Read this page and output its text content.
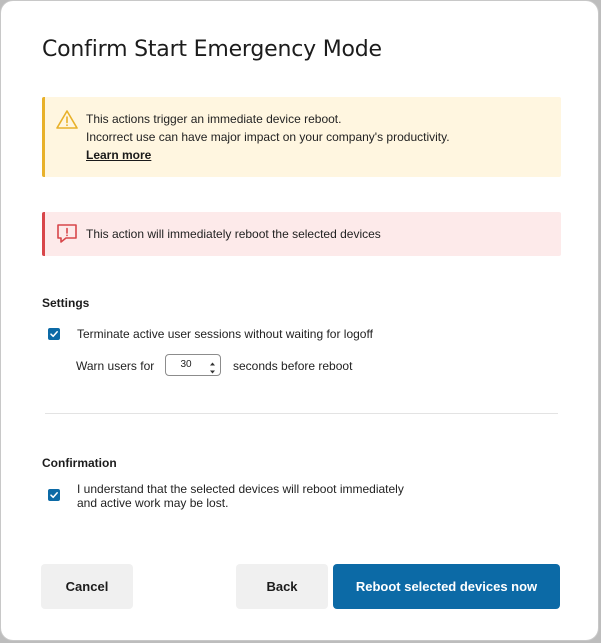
Confirm Start Emergency Mode
This actions trigger an immediate device reboot.
Incorrect use can have major impact on your company's productivity.
Learn more
This action will immediately reboot the selected devices
Settings
Terminate active user sessions without waiting for logoff
Warn users for
30	seconds before reboot
Confirmation
I understand that the selected devices will reboot immediately
and active work may be lost.
Cancel	Back	Reboot selected devices now
